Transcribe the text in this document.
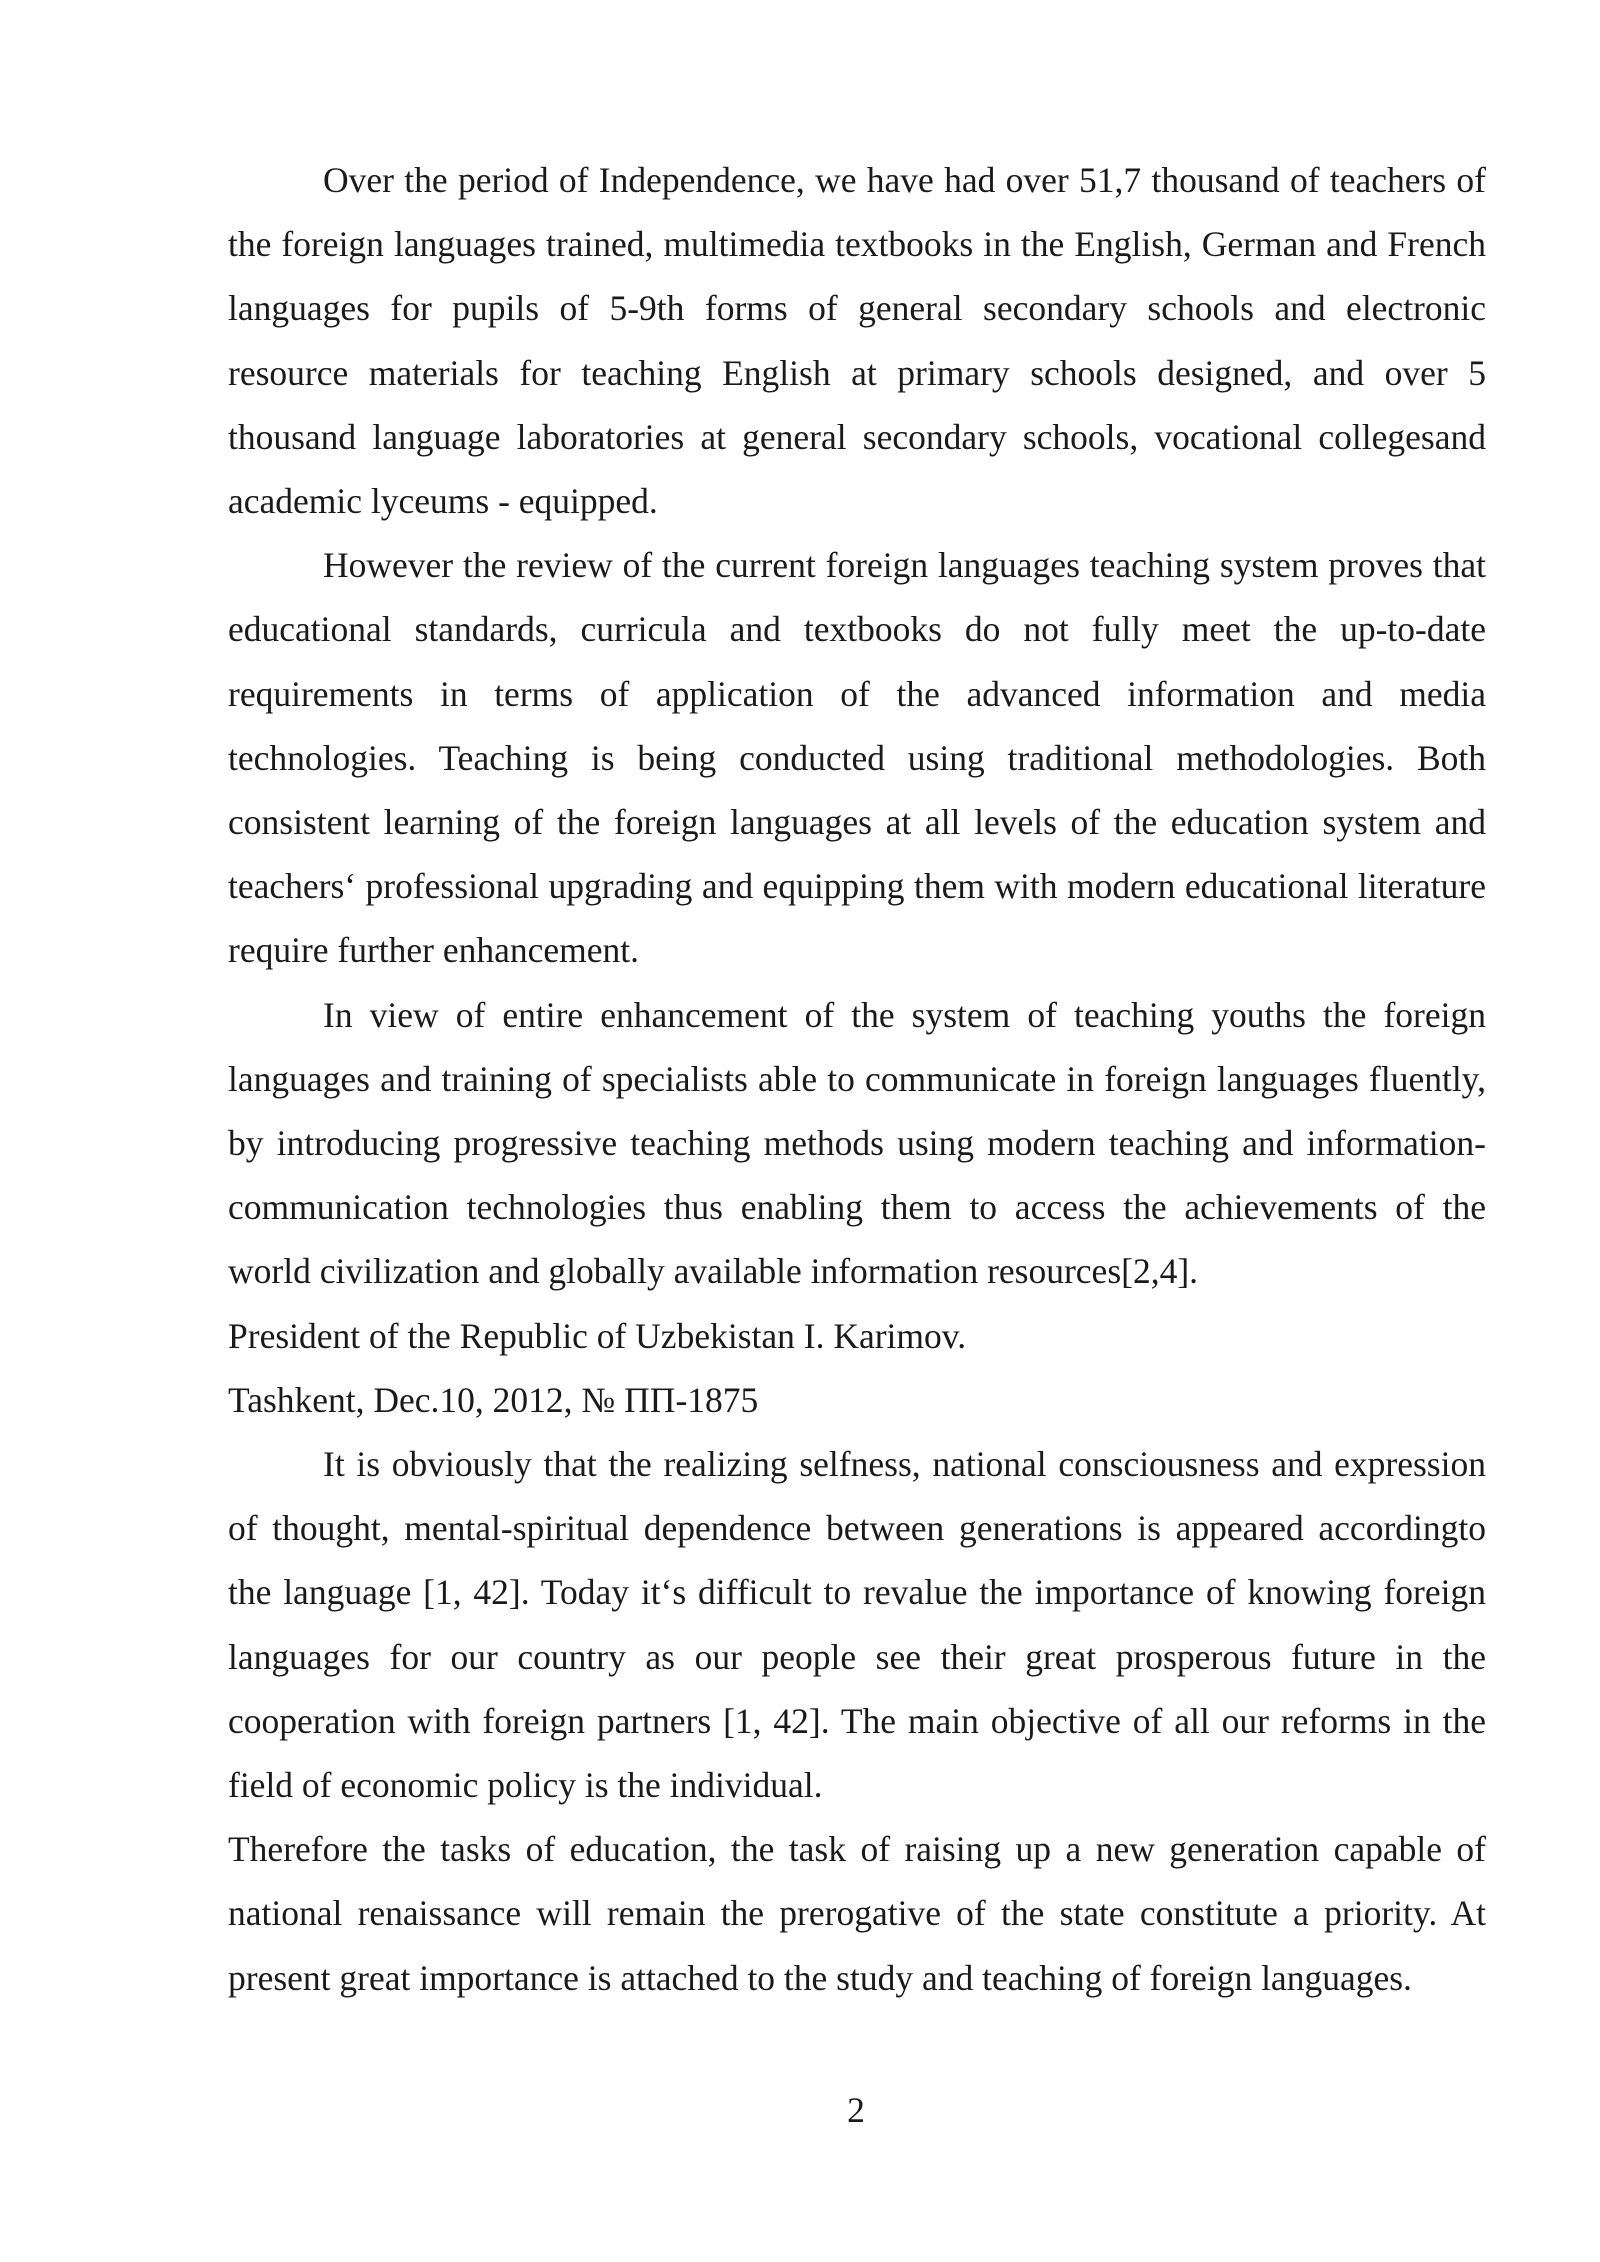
Over the period of Independence, we have had over 51,7 thousand of teachers of the foreign languages trained, multimedia textbooks in the English, German and French languages for pupils of 5-9th forms of general secondary schools and electronic resource materials for teaching English at primary schools designed, and over 5 thousand language laboratories at general secondary schools, vocational collegesand academic lyceums - equipped.

However the review of the current foreign languages teaching system proves that educational standards, curricula and textbooks do not fully meet the up-to-date requirements in terms of application of the advanced information and media technologies. Teaching is being conducted using traditional methodologies. Both consistent learning of the foreign languages at all levels of the education system and teachers‘ professional upgrading and equipping them with modern educational literature require further enhancement.

In view of entire enhancement of the system of teaching youths the foreign languages and training of specialists able to communicate in foreign languages fluently, by introducing progressive teaching methods using modern teaching and information-communication technologies thus enabling them to access the achievements of the world civilization and globally available information resources[2,4].

President of the Republic of Uzbekistan I. Karimov.

Tashkent, Dec.10, 2012, № ПП-1875

It is obviously that the realizing selfness, national consciousness and expression of thought, mental-spiritual dependence between generations is appeared accordingto the language [1, 42]. Today it‘s difficult to revalue the importance of knowing foreign languages for our country as our people see their great prosperous future in the cooperation with foreign partners [1, 42]. The main objective of all our reforms in the field of economic policy is the individual.

Therefore the tasks of education, the task of raising up a new generation capable of national renaissance will remain the prerogative of the state constitute a priority. At present great importance is attached to the study and teaching of foreign languages.

2
